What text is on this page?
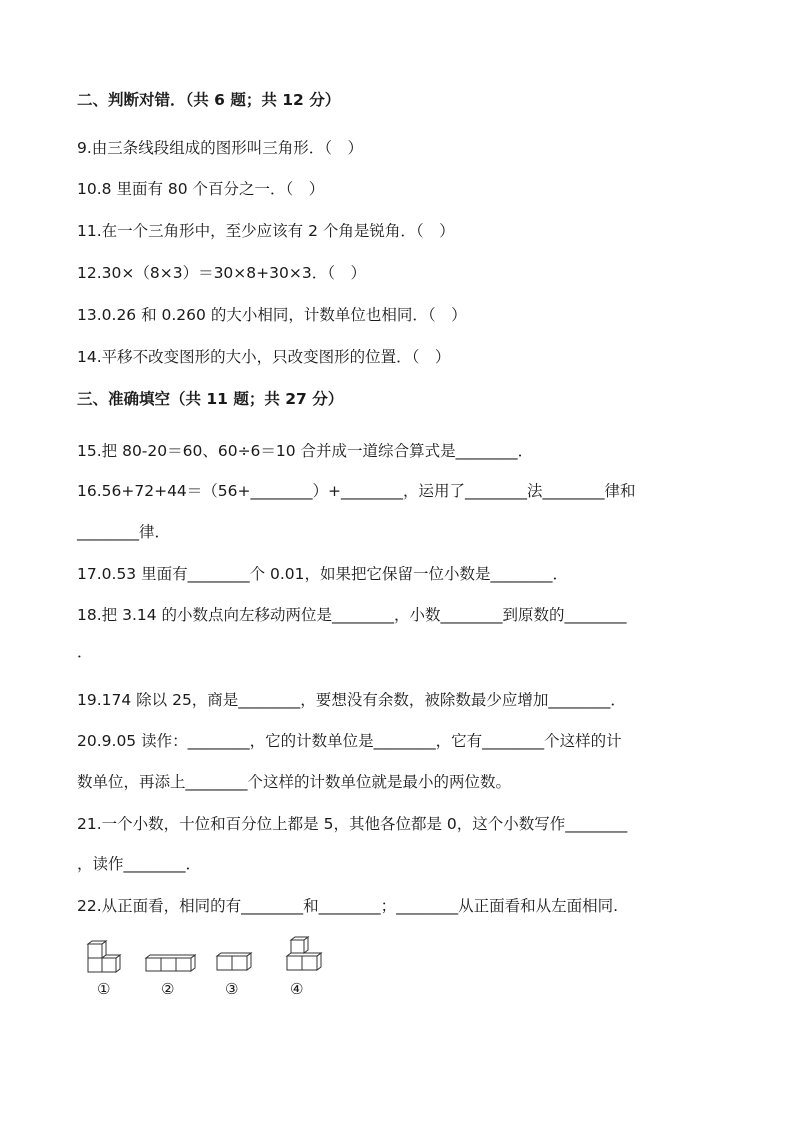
二、判断对错．（共 6 题；共 12 分）
9.由三条线段组成的图形叫三角形．（　）
10.8 里面有 80 个百分之一．（　）
11.在一个三角形中，至少应该有 2 个角是锐角．（　）
12.30×（8×3）＝30×8+30×3．（　）
13.0.26 和 0.260 的大小相同，计数单位也相同．（　）
14.平移不改变图形的大小，只改变图形的位置．（　）
三、准确填空（共 11 题；共 27 分）
15.把 80-20＝60、60÷6＝10 合并成一道综合算式是________．
16.56+72+44＝（56+________）+________，运用了________法________律和
________律．
17.0.53 里面有________个 0.01，如果把它保留一位小数是________．
18.把 3.14 的小数点向左移动两位是________，小数________到原数的________
．
19.174 除以 25，商是________，要想没有余数，被除数最少应增加________．
20.9.05 读作：________，它的计数单位是________，它有________个这样的计
数单位，再添上________个这样的计数单位就是最小的两位数。
21.一个小数，十位和百分位上都是 5，其他各位都是 0，这个小数写作________
，读作________．
22.从正面看，相同的有________和________；________从正面看和从左面相同.
①	②	③	④
